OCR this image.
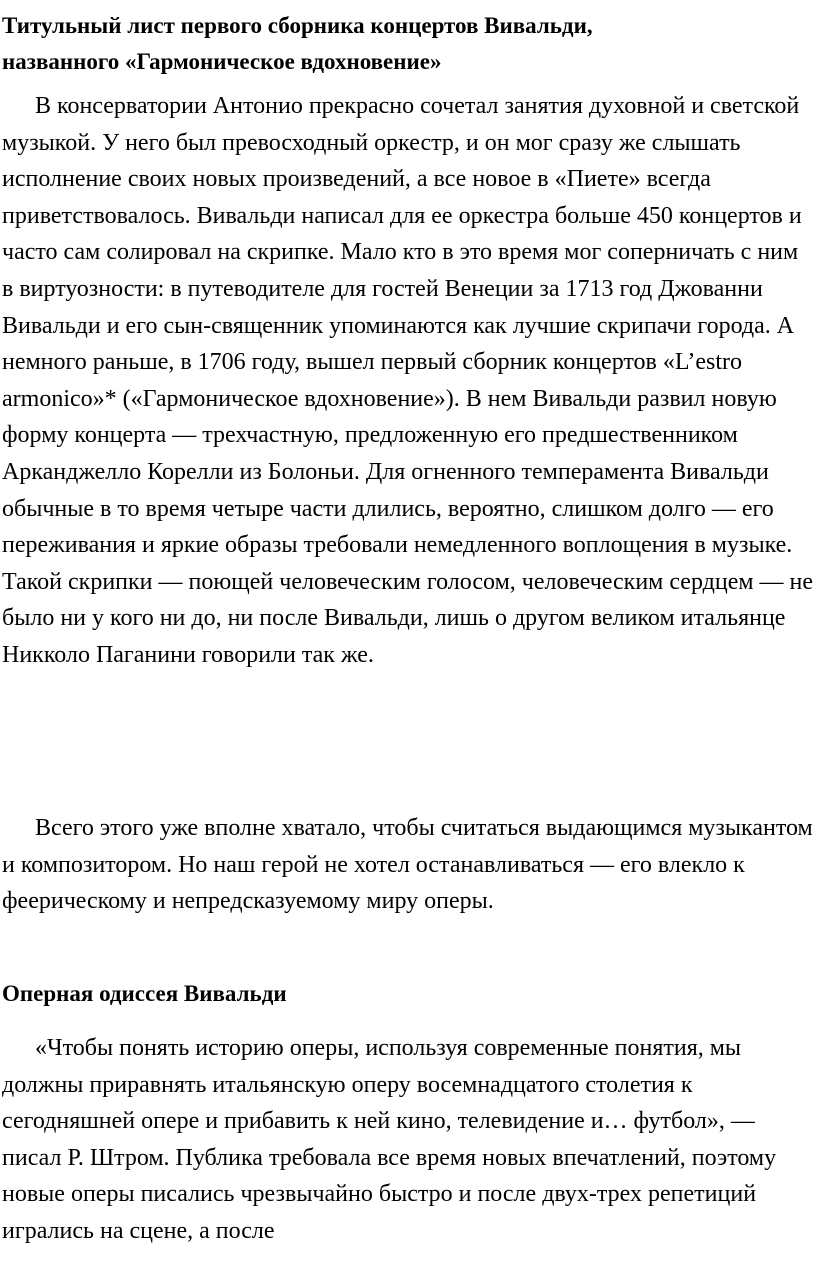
Титульный лист первого сборника концертов Вивальди,
названного «Гармоническое вдохновение»

В консерватории Антонио прекрасно сочетал занятия духовной и светской музыкой. У него был превосходный оркестр, и он мог сразу же слышать исполнение своих новых произведений, а все новое в «Пиете» всегда приветствовалось. Вивальди написал для ее оркестра больше 450 концертов и часто сам солировал на скрипке. Мало кто в это время мог соперничать с ним в виртуозности: в путеводителе для гостей Венеции за 1713 год Джованни Вивальди и его сын-священник упоминаются как лучшие скрипачи города. А немного раньше, в 1706 году, вышел первый сборник концертов «L’estro armonico»* («Гармоническое вдохновение»). В нем Вивальди развил новую форму концерта — трехчастную, предложенную его предшественником Арканджелло Корелли из Болоньи. Для огненного темперамента Вивальди обычные в то время четыре части длились, вероятно, слишком долго — его переживания и яркие образы требовали немедленного воплощения в музыке. Такой скрипки — поющей человеческим голосом, человеческим сердцем — не было ни у кого ни до, ни после Вивальди, лишь о другом великом итальянце Никколо Паганини говорили так же.

Всего этого уже вполне хватало, чтобы считаться выдающимся музыкантом и композитором. Но наш герой не хотел останавливаться — его влекло к феерическому и непредсказуемому миру оперы.

Оперная одиссея Вивальди

«Чтобы понять историю оперы, используя современные понятия, мы должны приравнять итальянскую оперу восемнадцатого столетия к сегодняшней опере и прибавить к ней кино, телевидение и… футбол», — писал Р. Штром. Публика требовала все время новых впечатлений, поэтому новые оперы писались чрезвычайно быстро и после двух-трех репетиций игрались на сцене, а после
